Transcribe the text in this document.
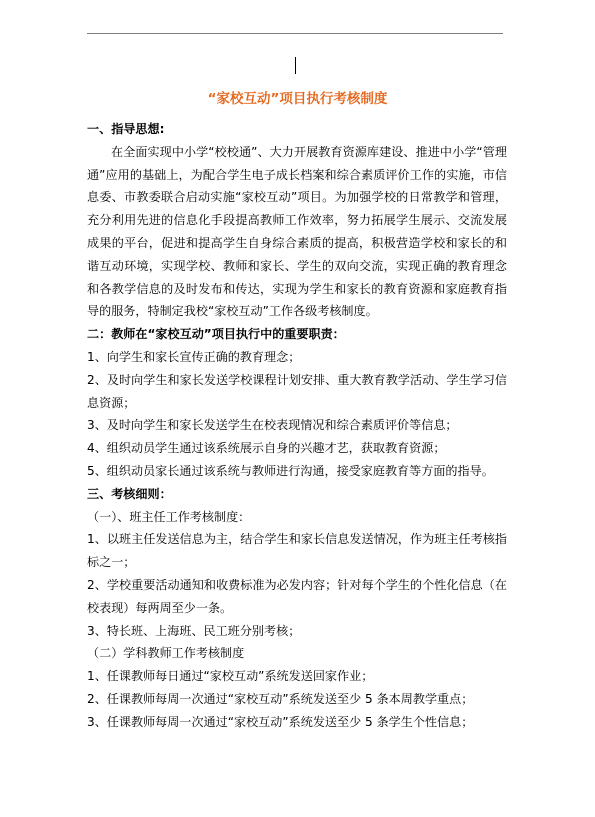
“家校互动”项目执行考核制度

一、指导思想:

在全面实现中小学“校校通”、大力开展教育资源库建设、推进中小学“管理通”应用的基础上，为配合学生电子成长档案和综合素质评价工作的实施，市信息委、市教委联合启动实施“家校互动”项目。为加强学校的日常教学和管理，充分利用先进的信息化手段提高教师工作效率，努力拓展学生展示、交流发展成果的平台，促进和提高学生自身综合素质的提高，积极营造学校和家长的和谐互动环境，实现学校、教师和家长、学生的双向交流，实现正确的教育理念和各教学信息的及时发布和传达，实现为学生和家长的教育资源和家庭教育指导的服务，特制定我校“家校互动”工作各级考核制度。

二：教师在“家校互动”项目执行中的重要职责：

1、向学生和家长宣传正确的教育理念；

2、及时向学生和家长发送学校课程计划安排、重大教育教学活动、学生学习信息资源；

3、及时向学生和家长发送学生在校表现情况和综合素质评价等信息；

4、组织动员学生通过该系统展示自身的兴趣才艺，获取教育资源；

5、组织动员家长通过该系统与教师进行沟通，接受家庭教育等方面的指导。

三、考核细则：

（一）、班主任工作考核制度：

1、以班主任发送信息为主，结合学生和家长信息发送情况，作为班主任考核指标之一；

2、学校重要活动通知和收费标准为必发内容；针对每个学生的个性化信息（在校表现）每两周至少一条。

3、特长班、上海班、民工班分别考核；

（二）学科教师工作考核制度

1、任课教师每日通过“家校互动”系统发送回家作业；

2、任课教师每周一次通过“家校互动”系统发送至少 5 条本周教学重点；

3、任课教师每周一次通过“家校互动”系统发送至少 5 条学生个性信息；
